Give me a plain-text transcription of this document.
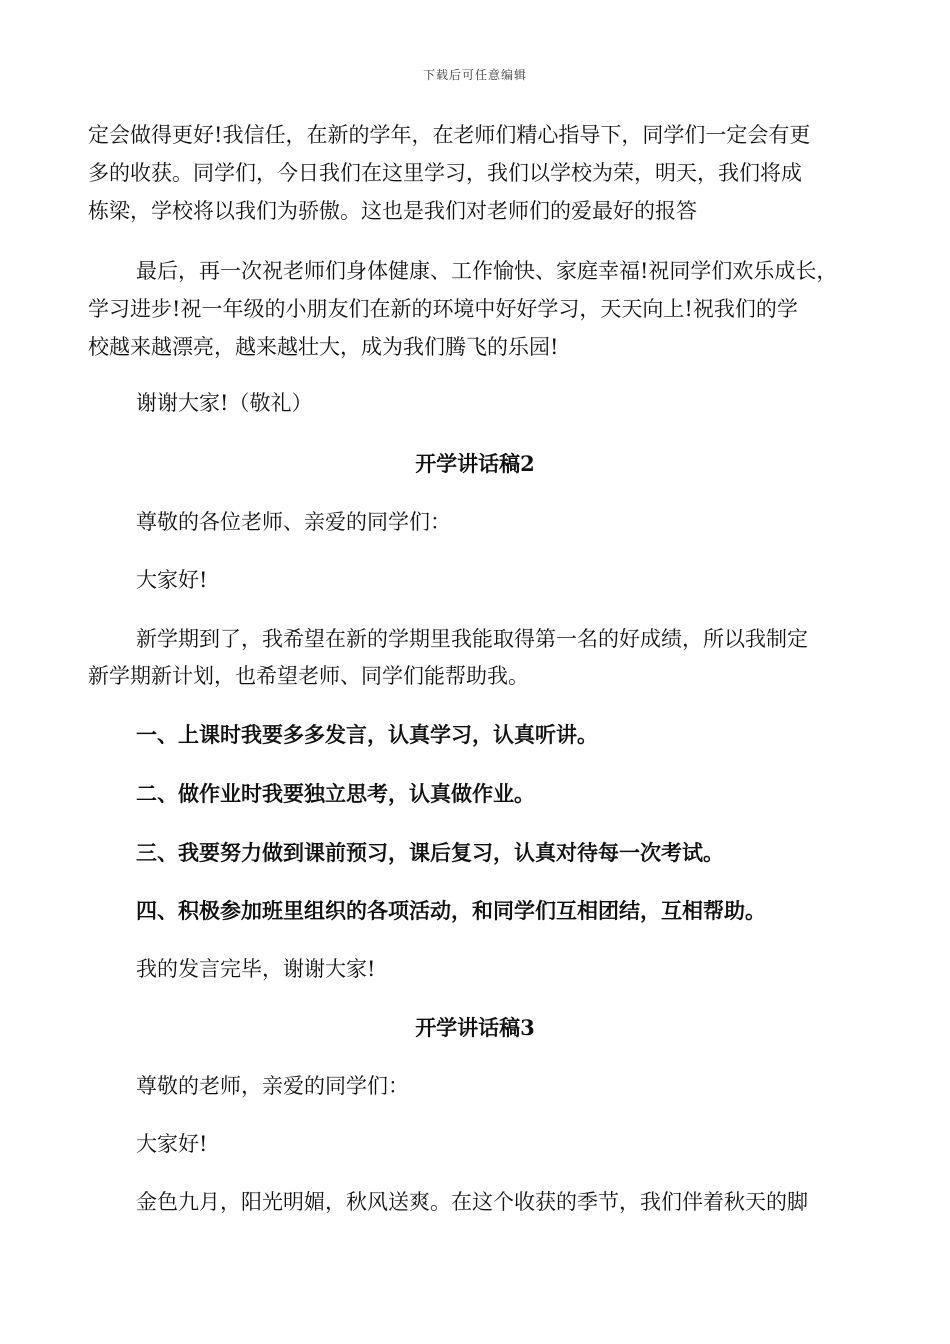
下载后可任意编辑
定会做得更好!我信任，在新的学年，在老师们精心指导下，同学们一定会有更
多的收获。同学们，今日我们在这里学习，我们以学校为荣，明天，我们将成
栋梁，学校将以我们为骄傲。这也是我们对老师们的爱最好的报答
最后，再一次祝老师们身体健康、工作愉快、家庭幸福!祝同学们欢乐成长，
学习进步!祝一年级的小朋友们在新的环境中好好学习，天天向上!祝我们的学
校越来越漂亮，越来越壮大，成为我们腾飞的乐园!
谢谢大家!（敬礼）
开学讲话稿2
尊敬的各位老师、亲爱的同学们：
大家好!
新学期到了，我希望在新的学期里我能取得第一名的好成绩，所以我制定
新学期新计划，也希望老师、同学们能帮助我。
一、上课时我要多多发言，认真学习，认真听讲。
二、做作业时我要独立思考，认真做作业。
三、我要努力做到课前预习，课后复习，认真对待每一次考试。
四、积极参加班里组织的各项活动，和同学们互相团结，互相帮助。
我的发言完毕，谢谢大家!
开学讲话稿3
尊敬的老师，亲爱的同学们：
大家好!
金色九月，阳光明媚，秋风送爽。在这个收获的季节，我们伴着秋天的脚
